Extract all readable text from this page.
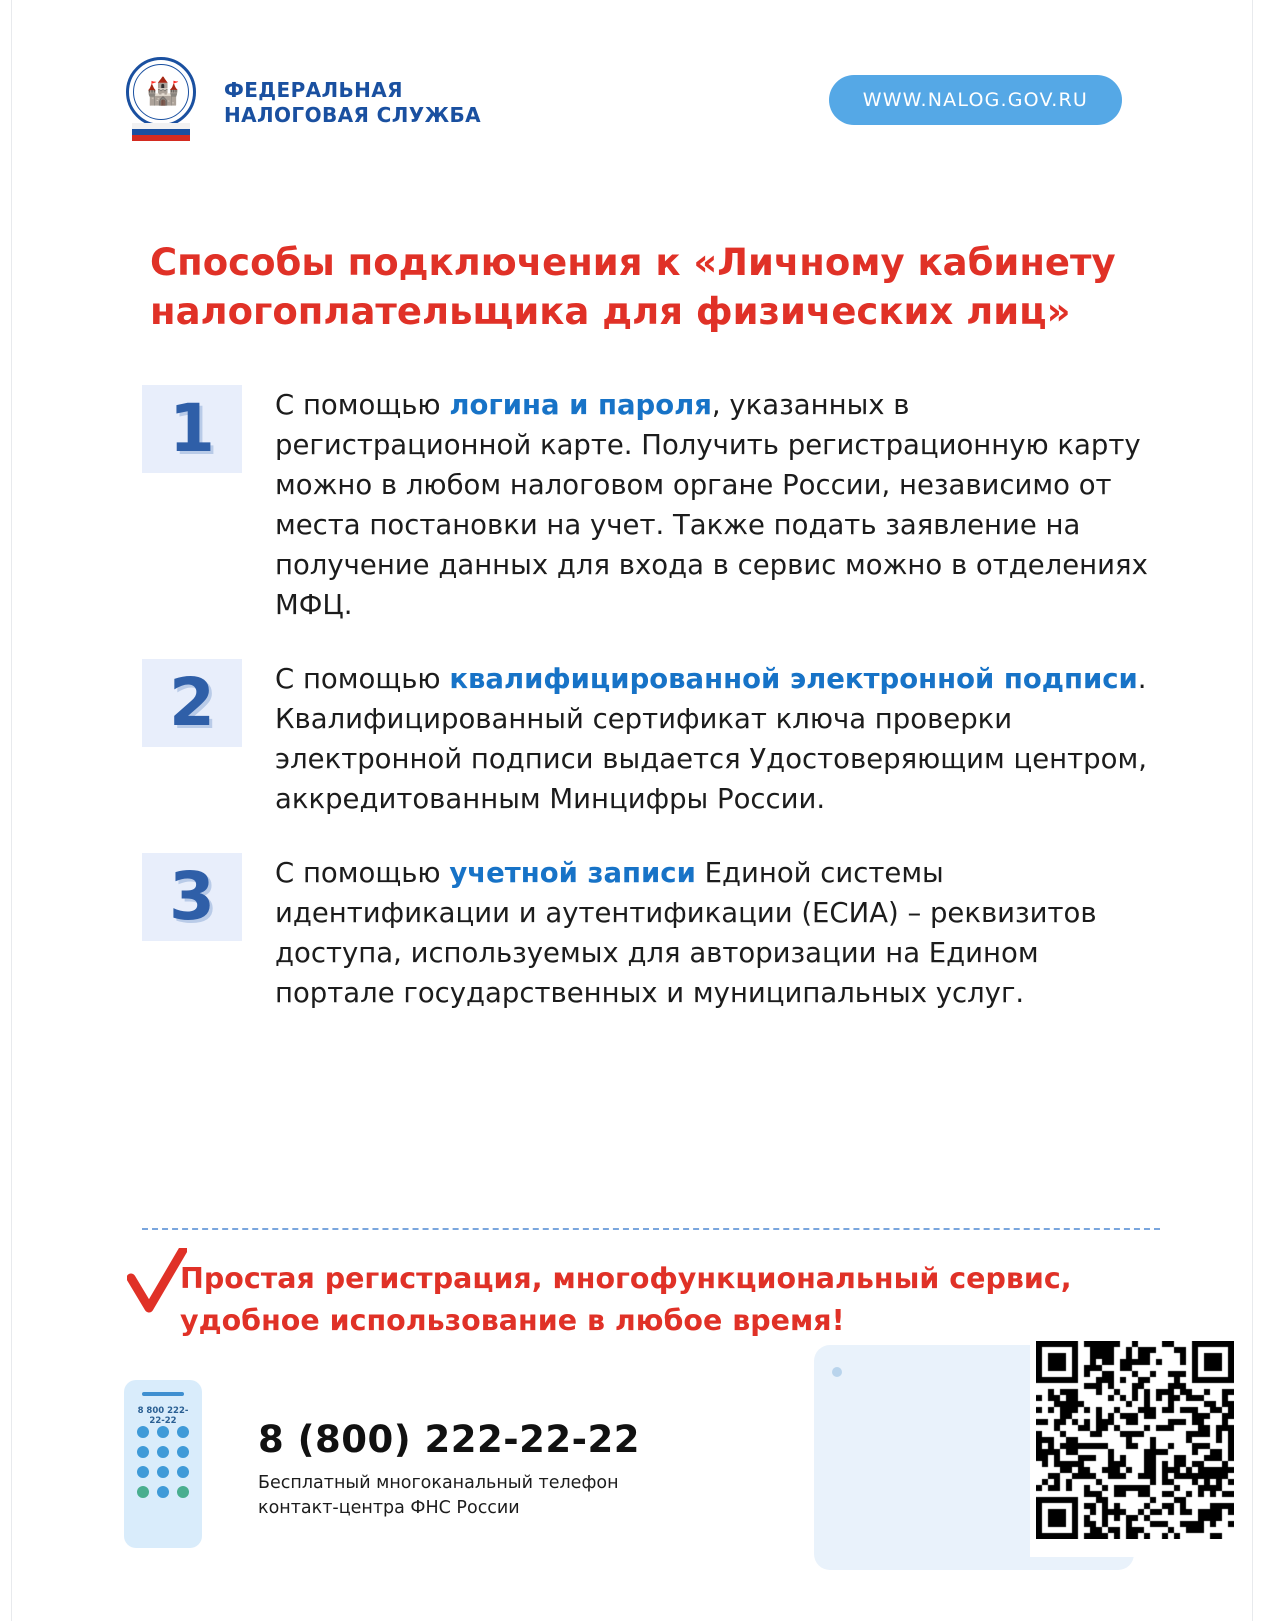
🏰 ФЕДЕРАЛЬНАЯ
НАЛОГОВАЯ СЛУЖБА
WWW.NALOG.GOV.RU
Способы подключения к «Личному кабинету налогоплательщика для физических лиц»
1	С помощью логина и пароля, указанных в регистрационной карте. Получить регистрационную карту можно в любом налоговом органе России, независимо от места постановки на учет. Также подать заявление на получение данных для входа в сервис можно в отделениях МФЦ.
2	С помощью квалифицированной электронной подписи. Квалифицированный сертификат ключа проверки электронной подписи выдается Удостоверяющим центром, аккредитованным Минцифры России.
3	С помощью учетной записи Единой системы идентификации и аутентификации (ЕСИА) – реквизитов доступа, используемых для авторизации на Едином портале государственных и муниципальных услуг.
Простая регистрация, многофункциональный сервис, удобное использование в любое время!
8 800 222-22-22	8 (800) 222-22-22
Бесплатный многоканальный телефон
контакт-центра ФНС России
